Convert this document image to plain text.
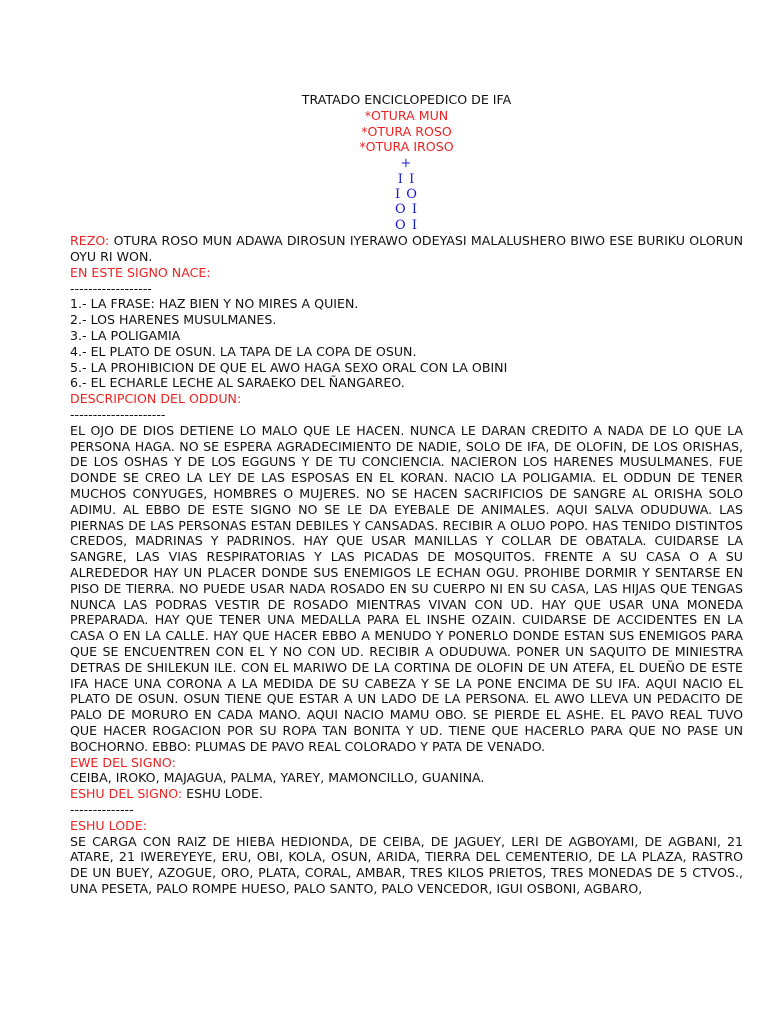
TRATADO ENCICLOPEDICO DE IFA
*OTURA MUN
*OTURA ROSO
*OTURA IROSO
+
I I
I O
O I
O I

REZO: OTURA ROSO MUN ADAWA DIROSUN IYERAWO ODEYASI MALALUSHERO BIWO ESE BURIKU OLORUN OYU RI WON.

EN ESTE SIGNO NACE:
------------------
1.- LA FRASE: HAZ BIEN Y NO MIRES A QUIEN.
2.- LOS HARENES MUSULMANES.
3.- LA POLIGAMIA
4.- EL PLATO DE OSUN. LA TAPA DE LA COPA DE OSUN.
5.- LA PROHIBICION DE QUE EL AWO HAGA SEXO ORAL CON LA OBINI
6.- EL ECHARLE LECHE AL SARAEKO DEL ÑANGAREO.
DESCRIPCION DEL ODDUN:
---------------------

EL OJO DE DIOS DETIENE LO MALO QUE LE HACEN. NUNCA LE DARAN CREDITO A NADA DE LO QUE LA PERSONA HAGA. NO SE ESPERA AGRADECIMIENTO DE NADIE, SOLO DE IFA, DE OLOFIN, DE LOS ORISHAS, DE LOS OSHAS Y DE LOS EGGUNS Y DE TU CONCIENCIA. NACIERON LOS HARENES MUSULMANES. FUE DONDE SE CREO LA LEY DE LAS ESPOSAS EN EL KORAN. NACIO LA POLIGAMIA. EL ODDUN DE TENER MUCHOS CONYUGES, HOMBRES O MUJERES. NO SE HACEN SACRIFICIOS DE SANGRE AL ORISHA SOLO ADIMU. AL EBBO DE ESTE SIGNO NO SE LE DA EYEBALE DE ANIMALES. AQUI SALVA ODUDUWA. LAS PIERNAS DE LAS PERSONAS ESTAN DEBILES Y CANSADAS. RECIBIR A OLUO POPO. HAS TENIDO DISTINTOS CREDOS, MADRINAS Y PADRINOS. HAY QUE USAR MANILLAS Y COLLAR DE OBATALA. CUIDARSE LA SANGRE, LAS VIAS RESPIRATORIAS Y LAS PICADAS DE MOSQUITOS. FRENTE A SU CASA O A SU ALREDEDOR HAY UN PLACER DONDE SUS ENEMIGOS LE ECHAN OGU. PROHIBE DORMIR Y SENTARSE EN PISO DE TIERRA. NO PUEDE USAR NADA ROSADO EN SU CUERPO NI EN SU CASA, LAS HIJAS QUE TENGAS NUNCA LAS PODRAS VESTIR DE ROSADO MIENTRAS VIVAN CON UD. HAY QUE USAR UNA MONEDA PREPARADA. HAY QUE TENER UNA MEDALLA PARA EL INSHE OZAIN. CUIDARSE DE ACCIDENTES EN LA CASA O EN LA CALLE. HAY QUE HACER EBBO A MENUDO Y PONERLO DONDE ESTAN SUS ENEMIGOS PARA QUE SE ENCUENTREN CON EL Y NO CON UD. RECIBIR A ODUDUWA. PONER UN SAQUITO DE MINIESTRA DETRAS DE SHILEKUN ILE. CON EL MARIWO DE LA CORTINA DE OLOFIN DE UN ATEFA, EL DUEÑO DE ESTE IFA HACE UNA CORONA A LA MEDIDA DE SU CABEZA Y SE LA PONE ENCIMA DE SU IFA. AQUI NACIO EL PLATO DE OSUN. OSUN TIENE QUE ESTAR A UN LADO DE LA PERSONA. EL AWO LLEVA UN PEDACITO DE PALO DE MORURO EN CADA MANO. AQUI NACIO MAMU OBO. SE PIERDE EL ASHE. EL PAVO REAL TUVO QUE HACER ROGACION POR SU ROPA TAN BONITA Y UD. TIENE QUE HACERLO PARA QUE NO PASE UN BOCHORNO. EBBO: PLUMAS DE PAVO REAL COLORADO Y PATA DE VENADO.

EWE DEL SIGNO:
CEIBA, IROKO, MAJAGUA, PALMA, YAREY, MAMONCILLO, GUANINA.
ESHU DEL SIGNO: ESHU LODE.
--------------
ESHU LODE:

SE CARGA CON RAIZ DE HIEBA HEDIONDA, DE CEIBA, DE JAGUEY, LERI DE AGBOYAMI, DE AGBANI, 21 ATARE, 21 IWEREYEYE, ERU, OBI, KOLA, OSUN, ARIDA, TIERRA DEL CEMENTERIO, DE LA PLAZA, RASTRO DE UN BUEY, AZOGUE, ORO, PLATA, CORAL, AMBAR, TRES KILOS PRIETOS, TRES MONEDAS DE 5 CTVOS., UNA PESETA, PALO ROMPE HUESO, PALO SANTO, PALO VENCEDOR, IGUI OSBONI, AGBARO,
